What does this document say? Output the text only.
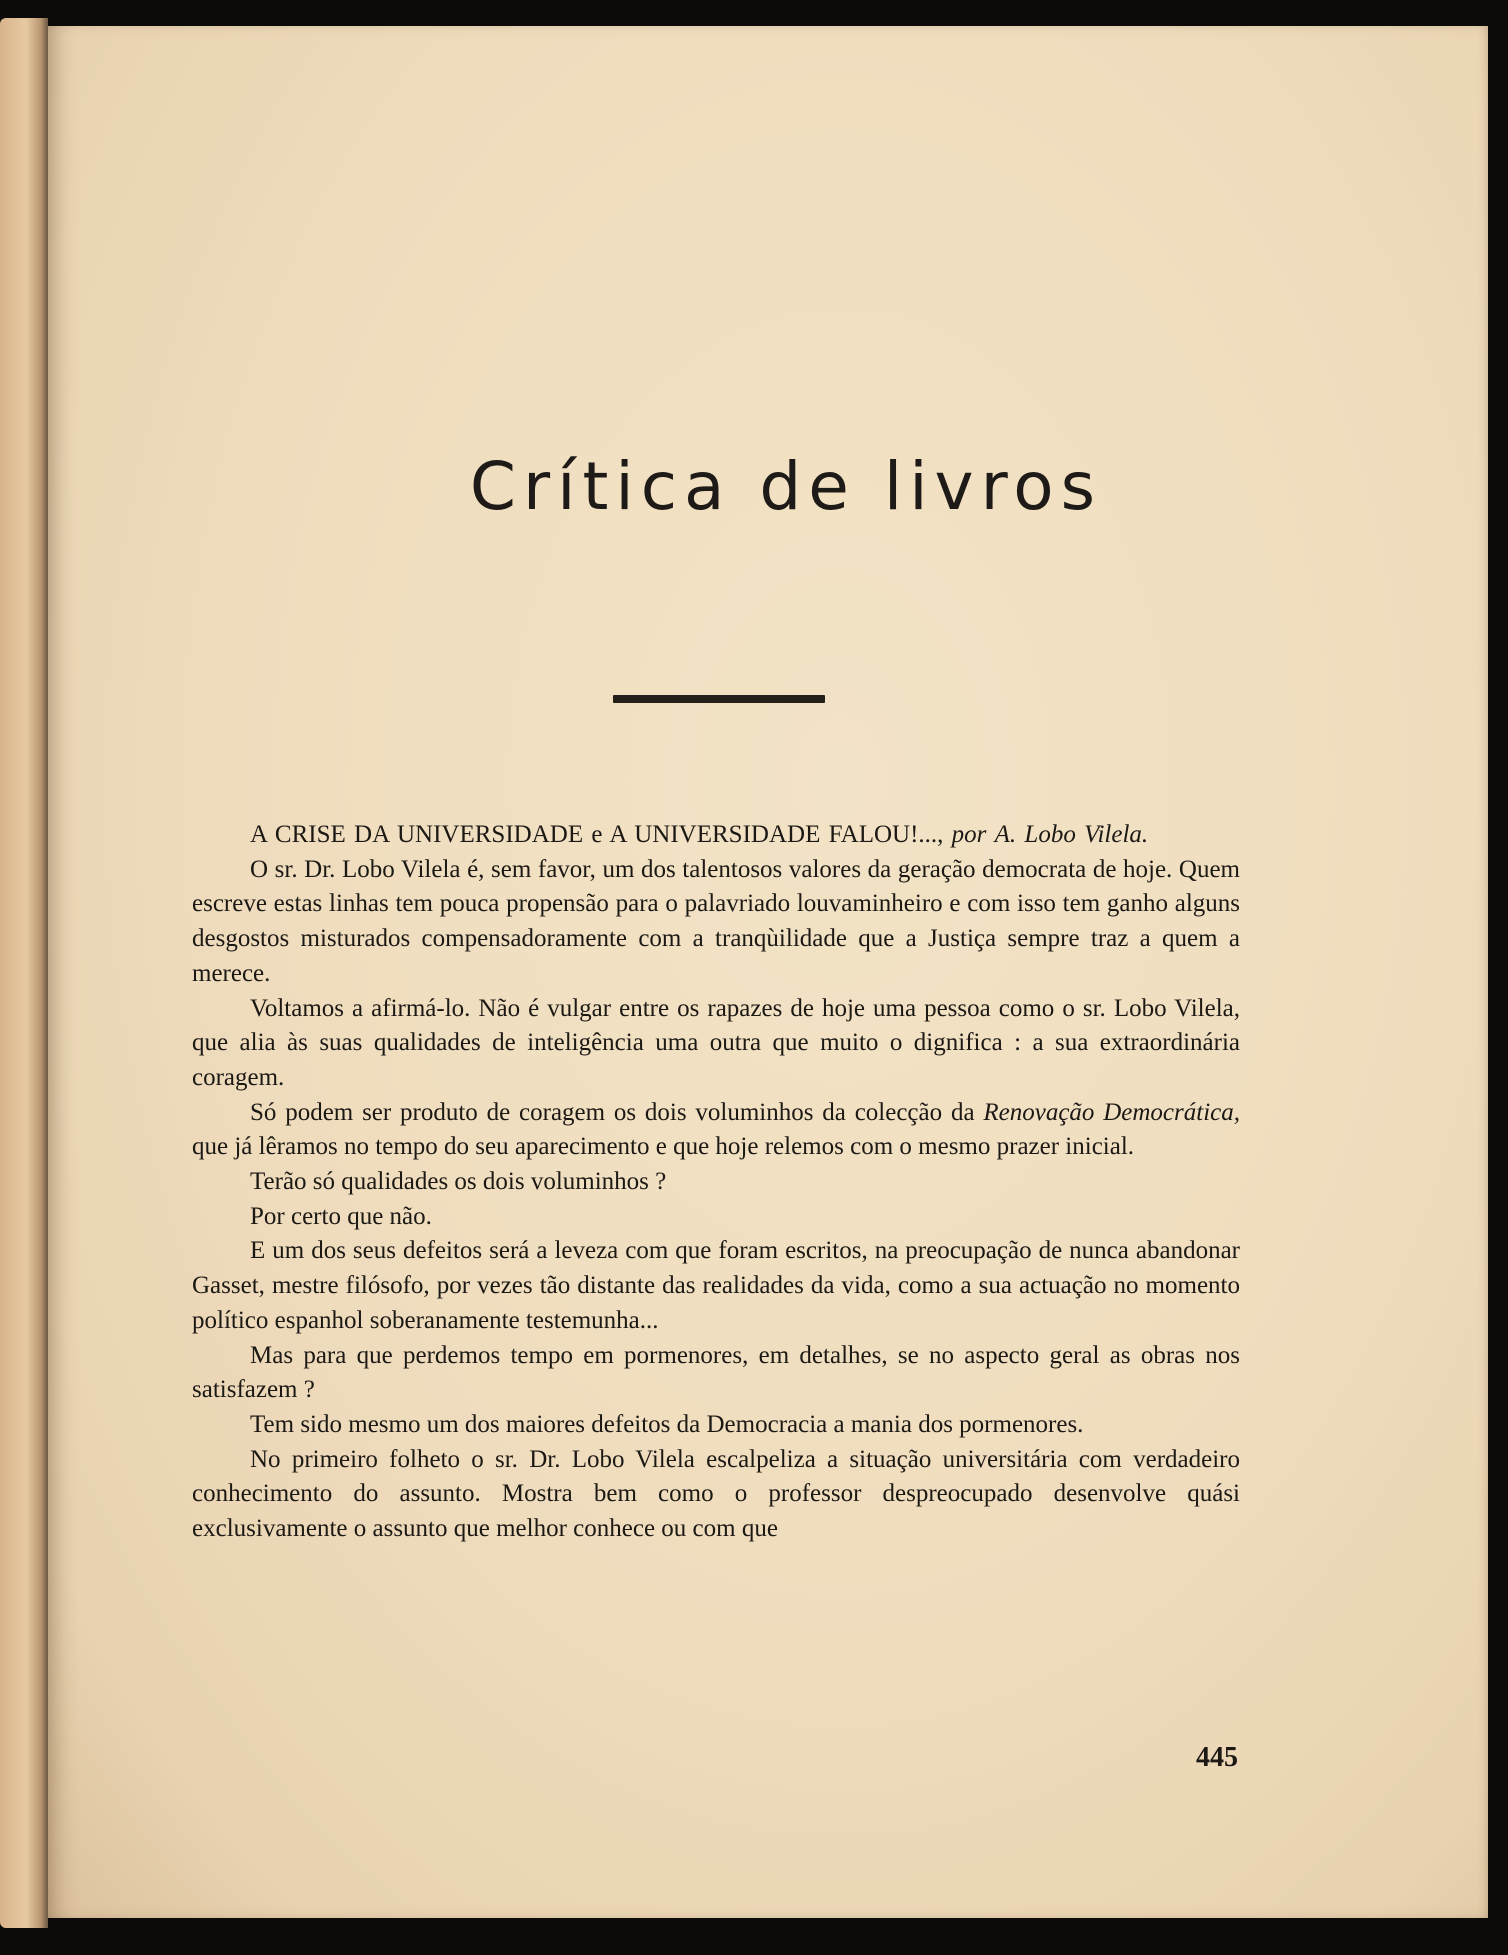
Crítica de livros

A CRISE DA UNIVERSIDADE e A UNIVERSIDADE FALOU!..., por A. Lobo Vilela.

O sr. Dr. Lobo Vilela é, sem favor, um dos talentosos valores da geração democrata de hoje. Quem escreve estas linhas tem pouca propensão para o palavriado louvaminheiro e com isso tem ganho alguns desgostos misturados compensadoramente com a tranqùilidade que a Justiça sempre traz a quem a merece.

Voltamos a afirmá-lo. Não é vulgar entre os rapazes de hoje uma pessoa como o sr. Lobo Vilela, que alia às suas qualidades de inteligência uma outra que muito o dignifica : a sua extraordinária coragem.

Só podem ser produto de coragem os dois voluminhos da colecção da Renovação Democrática, que já lêramos no tempo do seu aparecimento e que hoje relemos com o mesmo prazer inicial.

Terão só qualidades os dois voluminhos ?

Por certo que não.

E um dos seus defeitos será a leveza com que foram escritos, na preocupação de nunca abandonar Gasset, mestre filósofo, por vezes tão distante das realidades da vida, como a sua actuação no momento político espanhol soberanamente testemunha...

Mas para que perdemos tempo em pormenores, em detalhes, se no aspecto geral as obras nos satisfazem ?

Tem sido mesmo um dos maiores defeitos da Democracia a mania dos pormenores.

No primeiro folheto o sr. Dr. Lobo Vilela escalpeliza a situação universitária com verdadeiro conhecimento do assunto. Mostra bem como o professor despreocupado desenvolve quási exclusivamente o assunto que melhor conhece ou com que

445
